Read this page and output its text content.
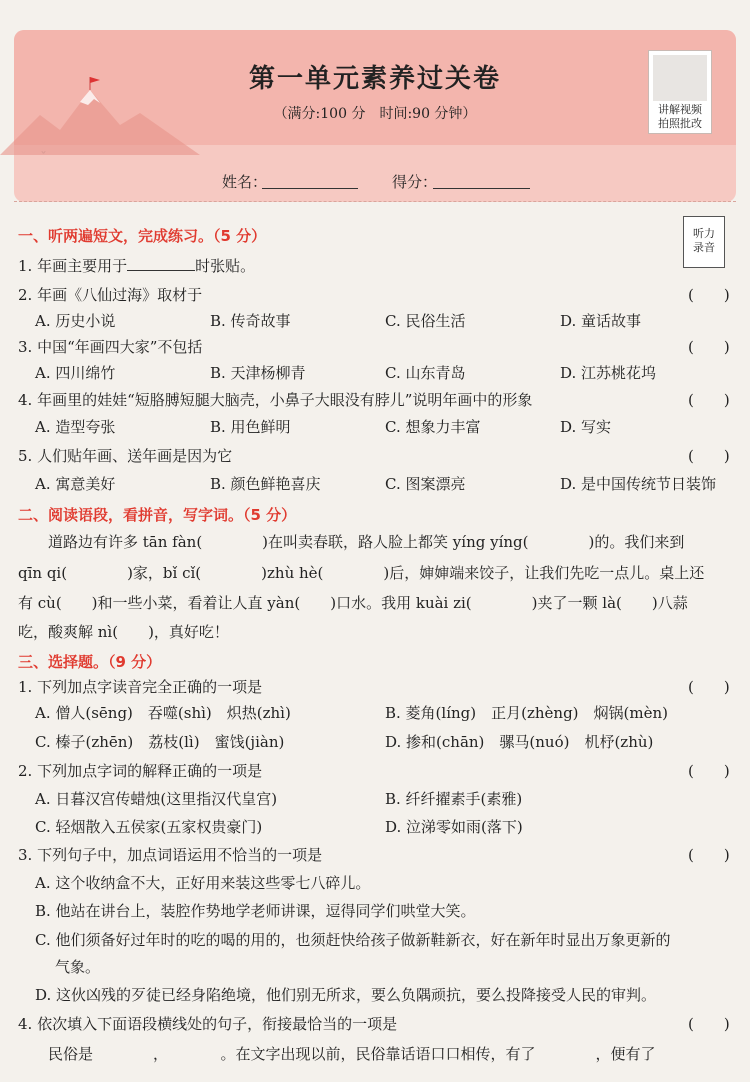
第一单元素养过关卷
（满分:100 分　时间:90 分钟）	讲解视频
拍照批改
ˇ
姓名：	得分：
听力
录音
一、听两遍短文，完成练习。（5 分）
1. 年画主要用于	时张贴。
2. 年画《八仙过海》取材于	(　　)
A. 历史小说	B. 传奇故事	C. 民俗生活	D. 童话故事
3. 中国“年画四大家”不包括	(　　)
A. 四川绵竹	B. 天津杨柳青	C. 山东青岛	D. 江苏桃花坞
4. 年画里的娃娃“短胳膊短腿大脑壳，小鼻子大眼没有脖儿”说明年画中的形象	(　　)
A. 造型夸张	B. 用色鲜明	C. 想象力丰富	D. 写实
5. 人们贴年画、送年画是因为它	(　　)
A. 寓意美好	B. 颜色鲜艳喜庆	C. 图案漂亮	D. 是中国传统节日装饰
二、阅读语段，看拼音，写字词。（5 分）
道路边有许多 tān fàn(　　　　)在叫卖春联，路人脸上都笑 yíng yíng(　　　　)的。我们来到
qīn qi(　　　　)家，bǐ cǐ(　　　　)zhù hè(　　　　)后，婶婶端来饺子，让我们先吃一点儿。桌上还
有 cù(　　)和一些小菜，看着让人直 yàn(　　)口水。我用 kuài zi(　　　　)夹了一颗 là(　　)八蒜
吃，酸爽解 nì(　　)，真好吃！
三、选择题。（9 分）
1. 下列加点字读音完全正确的一项是	(　　)
A. 僧人(sēng)　吞噬(shì)　炽热(zhì)	B. 菱角(líng)　正月(zhèng)　焖锅(mèn)
C. 榛子(zhēn)　荔枝(lì)　蜜饯(jiàn)	D. 掺和(chān)　骡马(nuó)　机杼(zhù)
2. 下列加点字词的解释正确的一项是	(　　)
A. 日暮汉宫传蜡烛(这里指汉代皇宫)	B. 纤纤擢素手(素雅)
C. 轻烟散入五侯家(五家权贵豪门)	D. 泣涕零如雨(落下)
3. 下列句子中，加点词语运用不恰当的一项是	(　　)
A. 这个收纳盒不大，正好用来装这些零七八碎儿。
B. 他站在讲台上，装腔作势地学老师讲课，逗得同学们哄堂大笑。
C. 他们须备好过年时的吃的喝的用的，也须赶快给孩子做新鞋新衣，好在新年时显出万象更新的
气象。
D. 这伙凶残的歹徒已经身陷绝境，他们别无所求，要么负隅顽抗，要么投降接受人民的审判。
4. 依次填入下面语段横线处的句子，衔接最恰当的一项是	(　　)
民俗是　　　　，　　　　。在文字出现以前，民俗靠话语口口相传，有了　　　　，便有了
